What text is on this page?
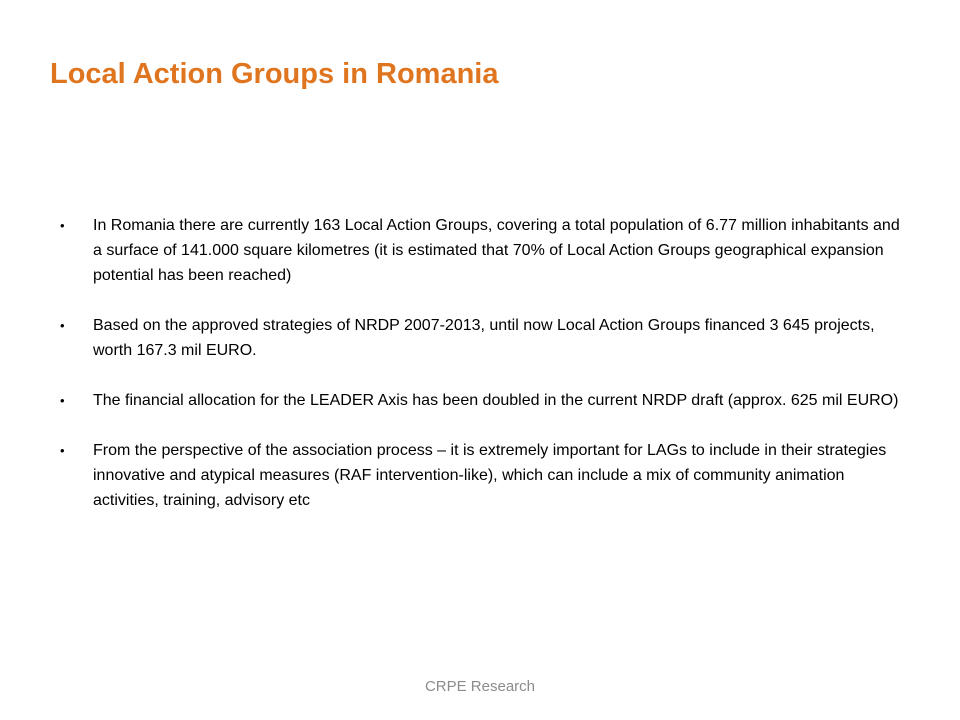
Local Action Groups in Romania
• In Romania there are currently 163 Local Action Groups, covering a total population of 6.77 million inhabitants and a surface of 141.000 square kilometres (it is estimated that 70% of Local Action Groups geographical expansion potential has been reached)
• Based on the approved strategies of NRDP 2007-2013, until now Local Action Groups financed 3 645 projects, worth 167.3 mil EURO.
• The financial allocation for the LEADER Axis has been doubled in the current NRDP draft (approx. 625 mil EURO)
• From the perspective of the association process – it is extremely important for LAGs to include in their strategies innovative and atypical measures (RAF intervention-like), which can include a mix of community animation activities, training, advisory etc
CRPE Research
